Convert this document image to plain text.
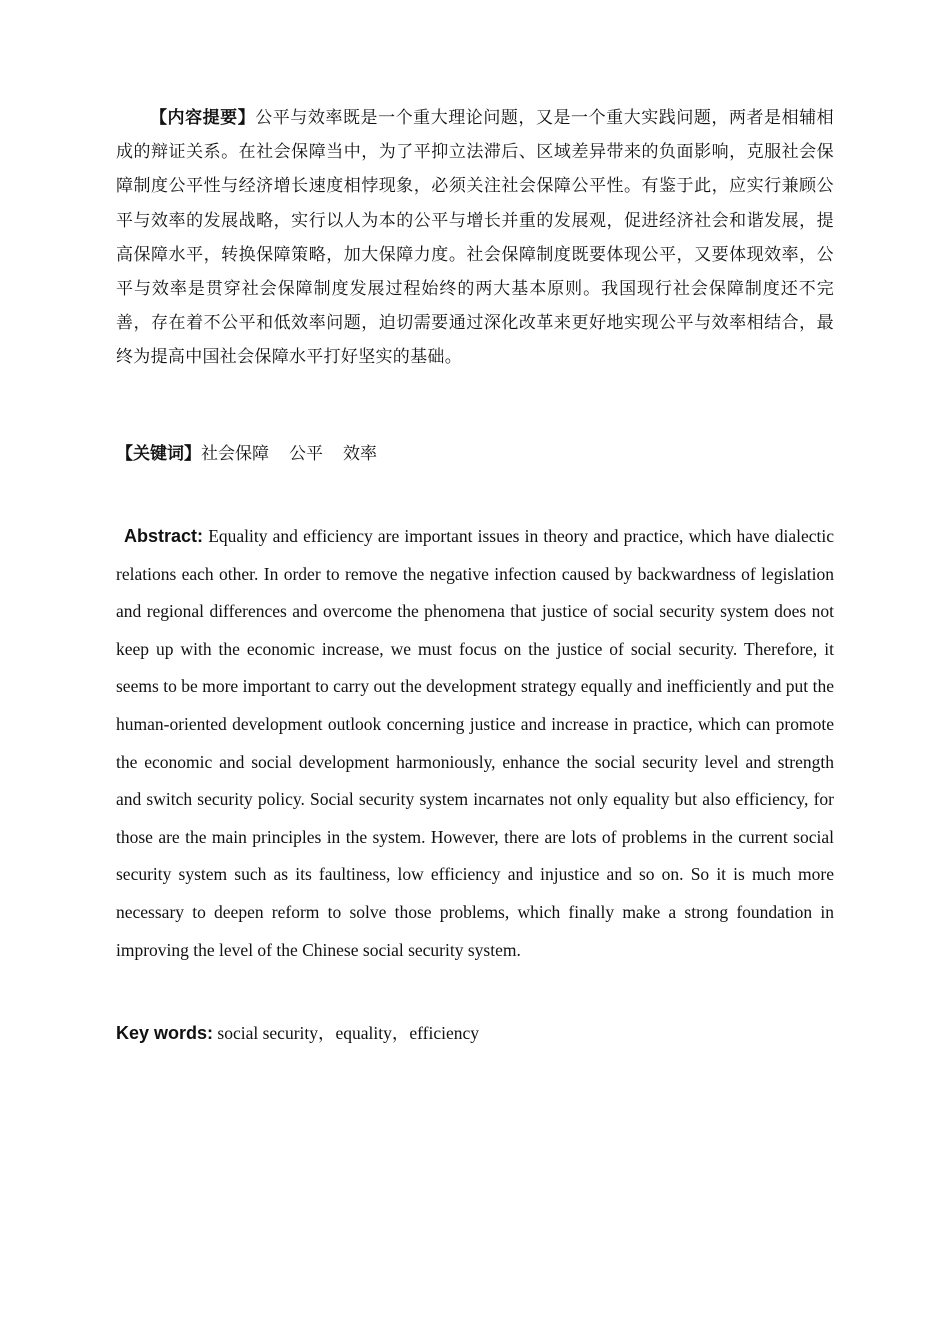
【内容提要】公平与效率既是一个重大理论问题，又是一个重大实践问题，两者是相辅相成的辩证关系。在社会保障当中，为了平抑立法滞后、区域差异带来的负面影响，克服社会保障制度公平性与经济增长速度相悖现象，必须关注社会保障公平性。有鉴于此，应实行兼顾公平与效率的发展战略，实行以人为本的公平与增长并重的发展观，促进经济社会和谐发展，提高保障水平，转换保障策略，加大保障力度。社会保障制度既要体现公平，又要体现效率，公平与效率是贯穿社会保障制度发展过程始终的两大基本原则。我国现行社会保障制度还不完善，存在着不公平和低效率问题，迫切需要通过深化改革来更好地实现公平与效率相结合，最终为提高中国社会保障水平打好坚实的基础。

【关键词】社会保障 公平 效率

Abstract: Equality and efficiency are important issues in theory and practice, which have dialectic relations each other. In order to remove the negative infection caused by backwardness of legislation and regional differences and overcome the phenomena that justice of social security system does not keep up with the economic increase, we must focus on the justice of social security. Therefore, it seems to be more important to carry out the development strategy equally and inefficiently and put the human-oriented development outlook concerning justice and increase in practice, which can promote the economic and social development harmoniously, enhance the social security level and strength and switch security policy. Social security system incarnates not only equality but also efficiency, for those are the main principles in the system. However, there are lots of problems in the current social security system such as its faultiness, low efficiency and injustice and so on. So it is much more necessary to deepen reform to solve those problems, which finally make a strong foundation in improving the level of the Chinese social security system.

Key words: social security，equality，efficiency
